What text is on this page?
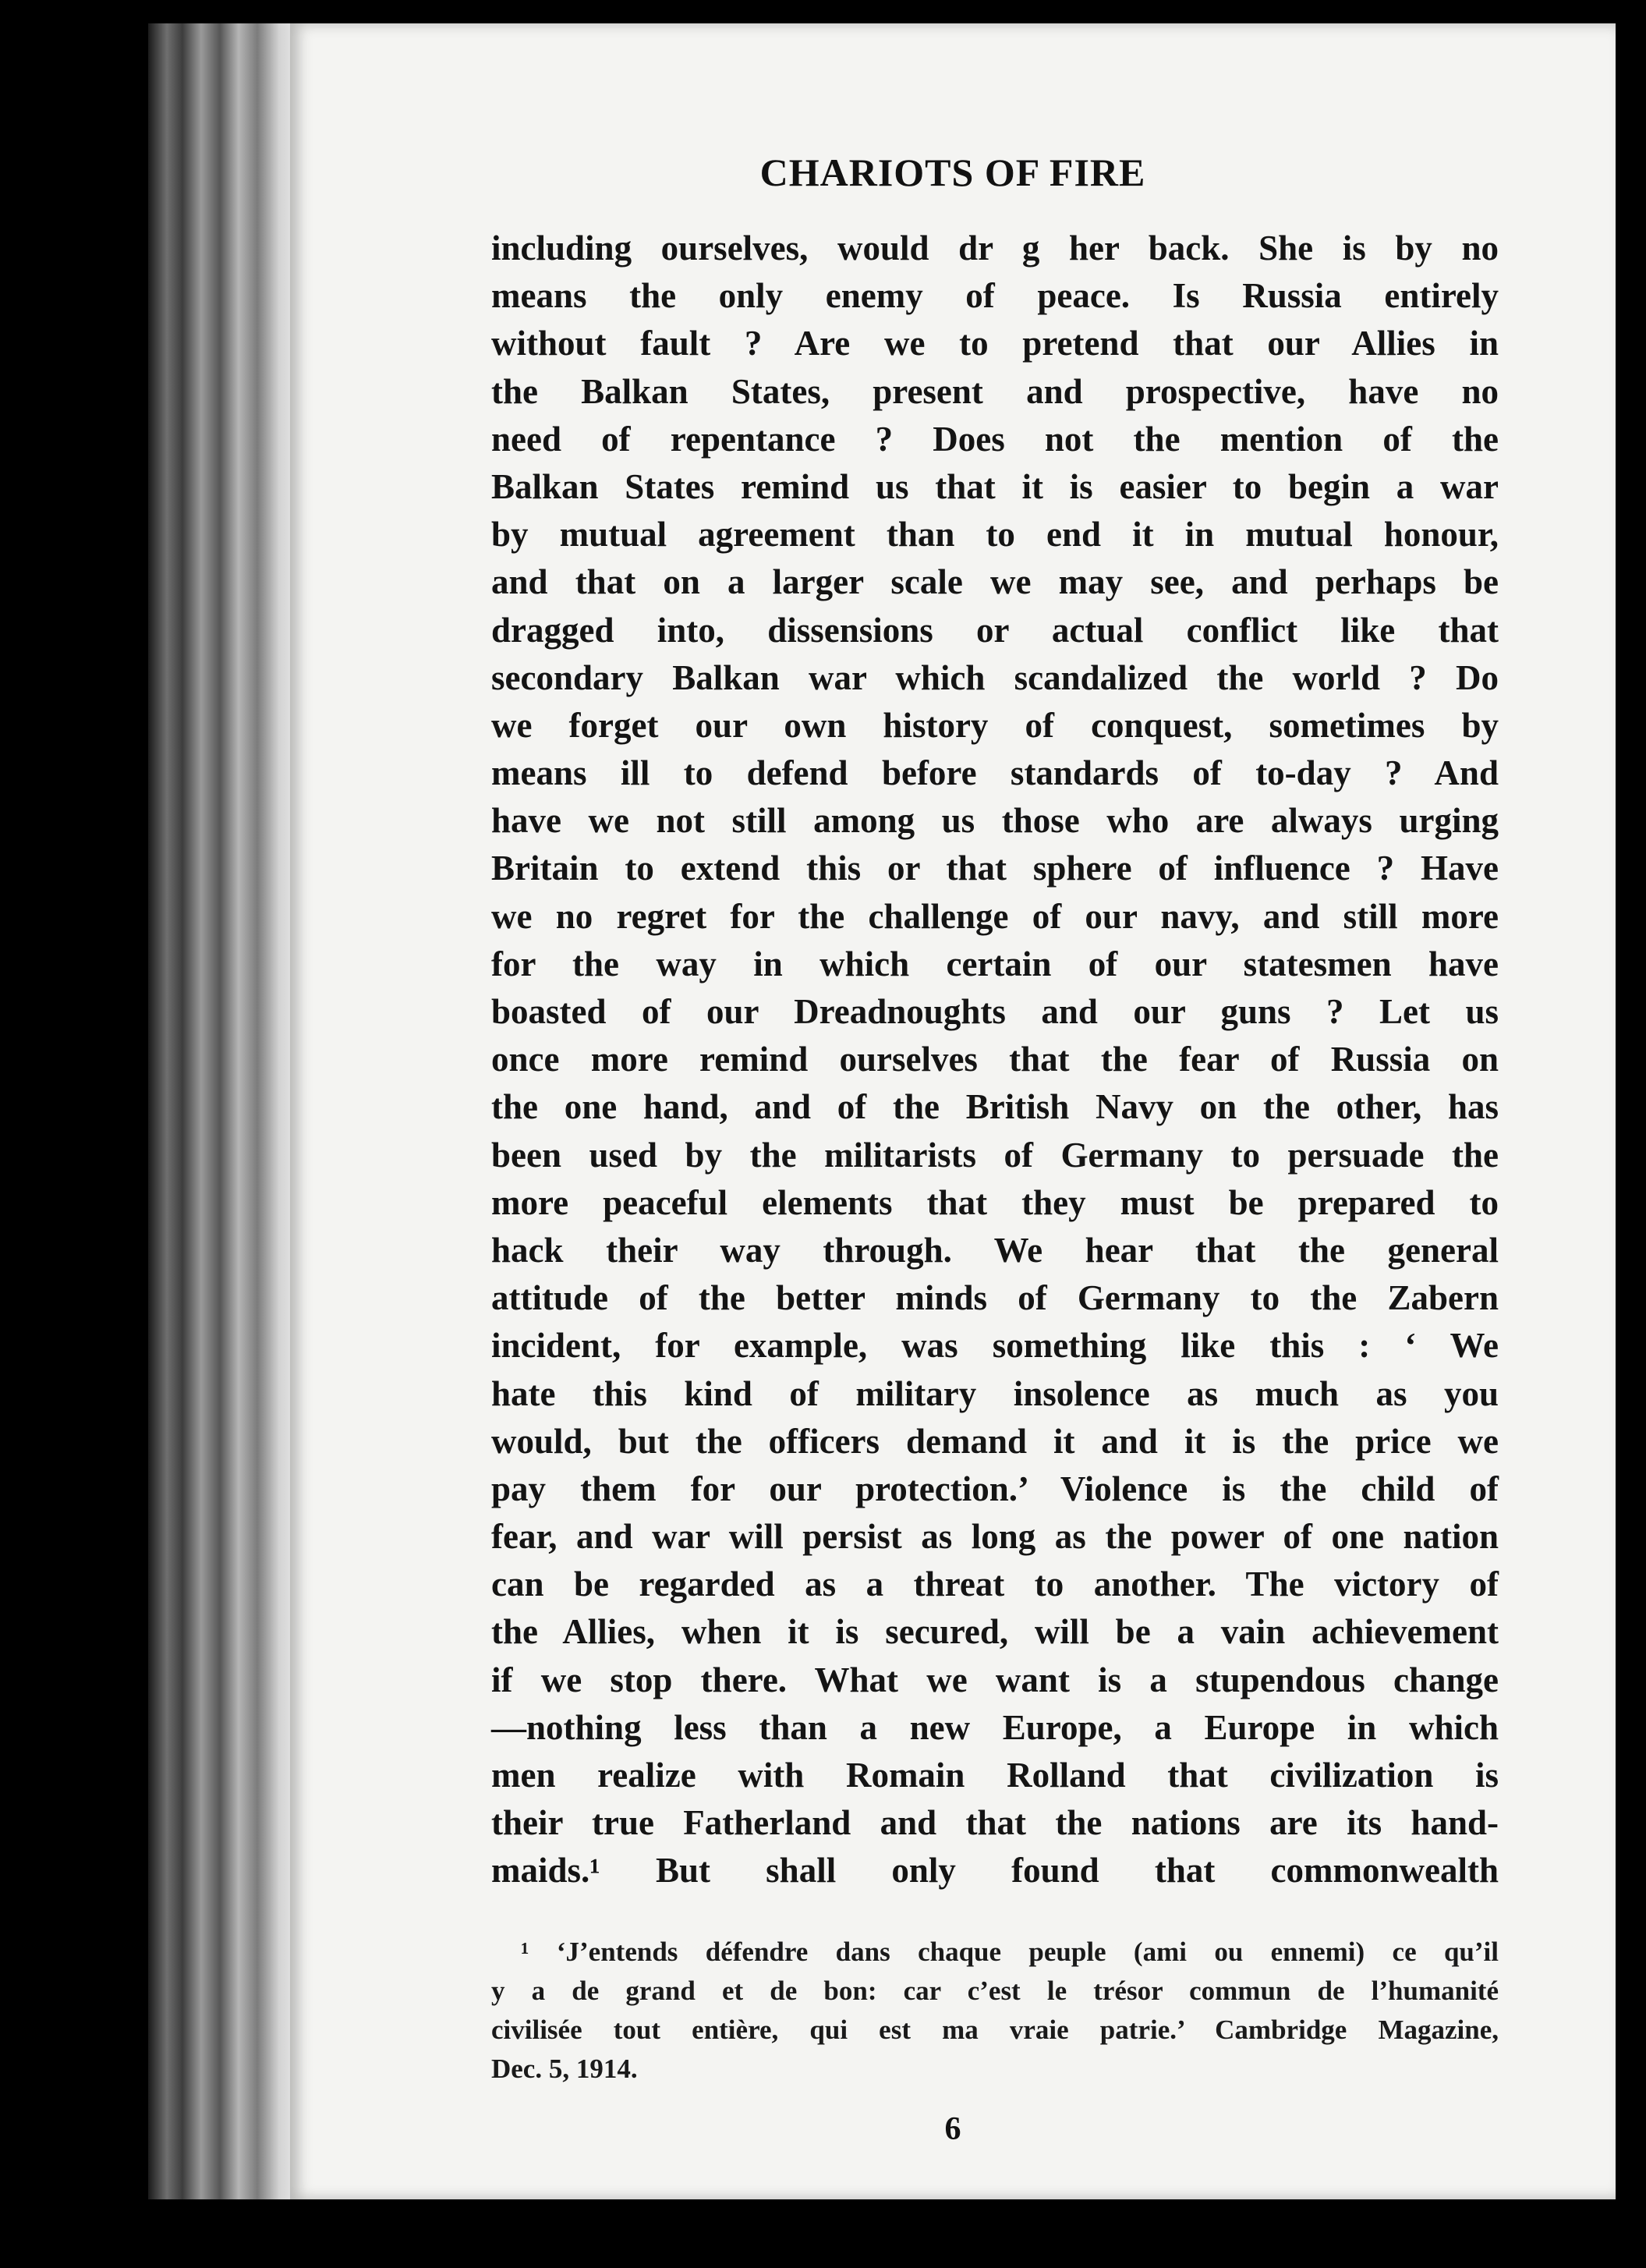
CHARIOTS OF FIRE
including ourselves, would dr g her back. She is by no
means the only enemy of peace. Is Russia entirely
without fault ? Are we to pretend that our Allies in
the Balkan States, present and prospective, have no
need of repentance ? Does not the mention of the
Balkan States remind us that it is easier to begin a war
by mutual agreement than to end it in mutual honour,
and that on a larger scale we may see, and perhaps be
dragged into, dissensions or actual conflict like that
secondary Balkan war which scandalized the world ? Do
we forget our own history of conquest, sometimes by
means ill to defend before standards of to-day ? And
have we not still among us those who are always urging
Britain to extend this or that sphere of influence ? Have
we no regret for the challenge of our navy, and still more
for the way in which certain of our statesmen have
boasted of our Dreadnoughts and our guns ? Let us
once more remind ourselves that the fear of Russia on
the one hand, and of the British Navy on the other, has
been used by the militarists of Germany to persuade the
more peaceful elements that they must be prepared to
hack their way through. We hear that the general
attitude of the better minds of Germany to the Zabern
incident, for example, was something like this : ‘ We
hate this kind of military insolence as much as you
would, but the officers demand it and it is the price we
pay them for our protection.’ Violence is the child of
fear, and war will persist as long as the power of one nation
can be regarded as a threat to another. The victory of
the Allies, when it is secured, will be a vain achievement
if we stop there. What we want is a stupendous change
—nothing less than a new Europe, a Europe in which
men realize with Romain Rolland that civilization is
their true Fatherland and that the nations are its hand-
maids.¹ But shall only found that commonwealth
¹ ‘J’entends défendre dans chaque peuple (ami ou ennemi) ce qu’il
y a de grand et de bon: car c’est le trésor commun de l’humanité
civilisée tout entière, qui est ma vraie patrie.’ Cambridge Magazine,
Dec. 5, 1914.
6
